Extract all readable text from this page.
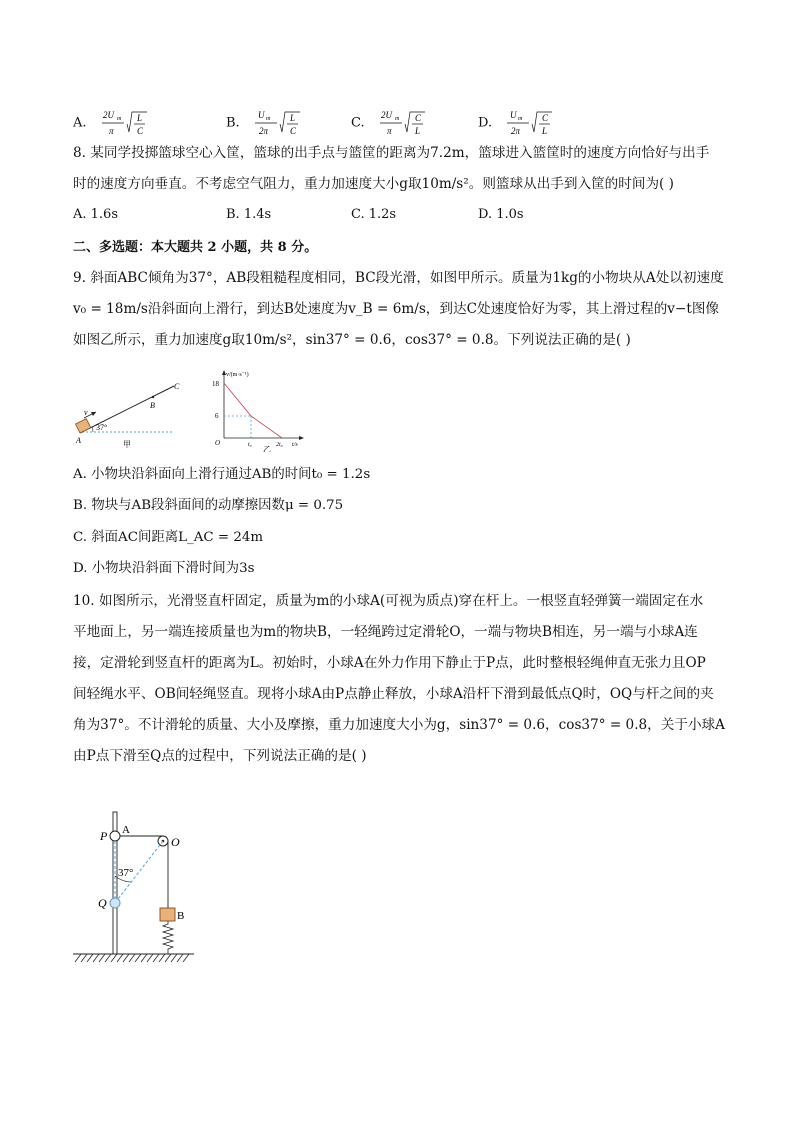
A.
2U m
π
L
C
B.
U m
2π
L
C
C.
2U m
π
C
L
D.
U m
2π
C
L
8. 某同学投掷篮球空心入筐，篮球的出手点与篮筐的距离为7.2m，篮球进入篮筐时的速度方向恰好与出手
时的速度方向垂直。不考虑空气阻力，重力加速度大小g取10m/s²。则篮球从出手到入筐的时间为( )
A. 1.6s	B. 1.4s	C. 1.2s	D. 1.0s
二、多选题：本大题共 2 小题，共 8 分。
9. 斜面ABC倾角为37°，AB段粗糙程度相同，BC段光滑，如图甲所示。质量为1kg的小物块从A处以初速度
v₀ = 18m/s沿斜面向上滑行，到达B处速度为v_B = 6m/s，到达C处速度恰好为零，其上滑过程的v−t图像
如图乙所示，重力加速度g取10m/s²，sin37° = 0.6，cos37° = 0.8。下列说法正确的是( )
v
37°
A
B
C
甲
v/(m·s⁻¹)
18
6
O	t₀	2t₀ t/s
乙
A. 小物块沿斜面向上滑行通过AB的时间t₀ = 1.2s
B. 物块与AB段斜面间的动摩擦因数μ = 0.75
C. 斜面AC间距离L_AC = 24m
D. 小物块沿斜面下滑时间为3s
10. 如图所示，光滑竖直杆固定，质量为m的小球A(可视为质点)穿在杆上。一根竖直轻弹簧一端固定在水
平地面上，另一端连接质量也为m的物块B，一轻绳跨过定滑轮O，一端与物块B相连，另一端与小球A连
接，定滑轮到竖直杆的距离为L。初始时，小球A在外力作用下静止于P点，此时整根轻绳伸直无张力且OP
间轻绳水平、OB间轻绳竖直。现将小球A由P点静止释放，小球A沿杆下滑到最低点Q时，OQ与杆之间的夹
角为37°。不计滑轮的质量、大小及摩擦，重力加速度大小为g，sin37° = 0.6，cos37° = 0.8，关于小球A
由P点下滑至Q点的过程中，下列说法正确的是( )
P A
O
Q
B
37°
